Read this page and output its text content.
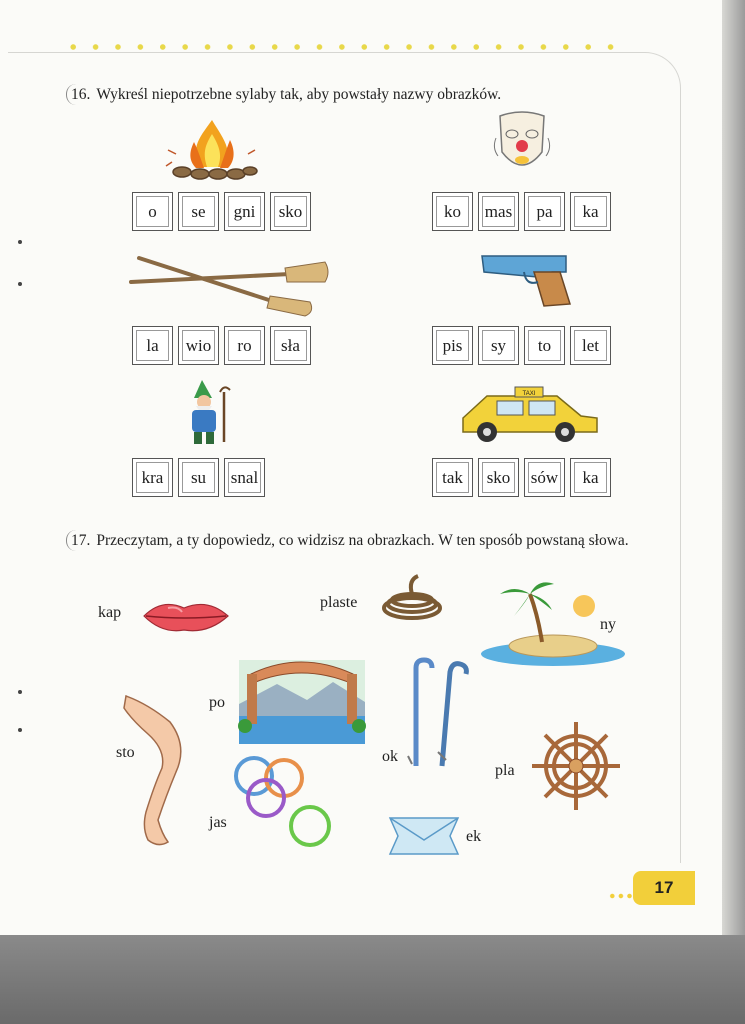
16. Wykreśl niepotrzebne sylaby tak, aby powstały nazwy obrazków.
o	se	gni	sko	ko	mas	pa	ka
la	wio	ro	sła	pis	sy	to	let
TAXI
kra	su	snal	tak	sko	sów	ka
17. Przeczytam, a ty dopowiedz, co widzisz na obrazkach. W ten sposób powstaną słowa.
kap
plaste
ny
po
sto	ok
pla
jas
ek
17
